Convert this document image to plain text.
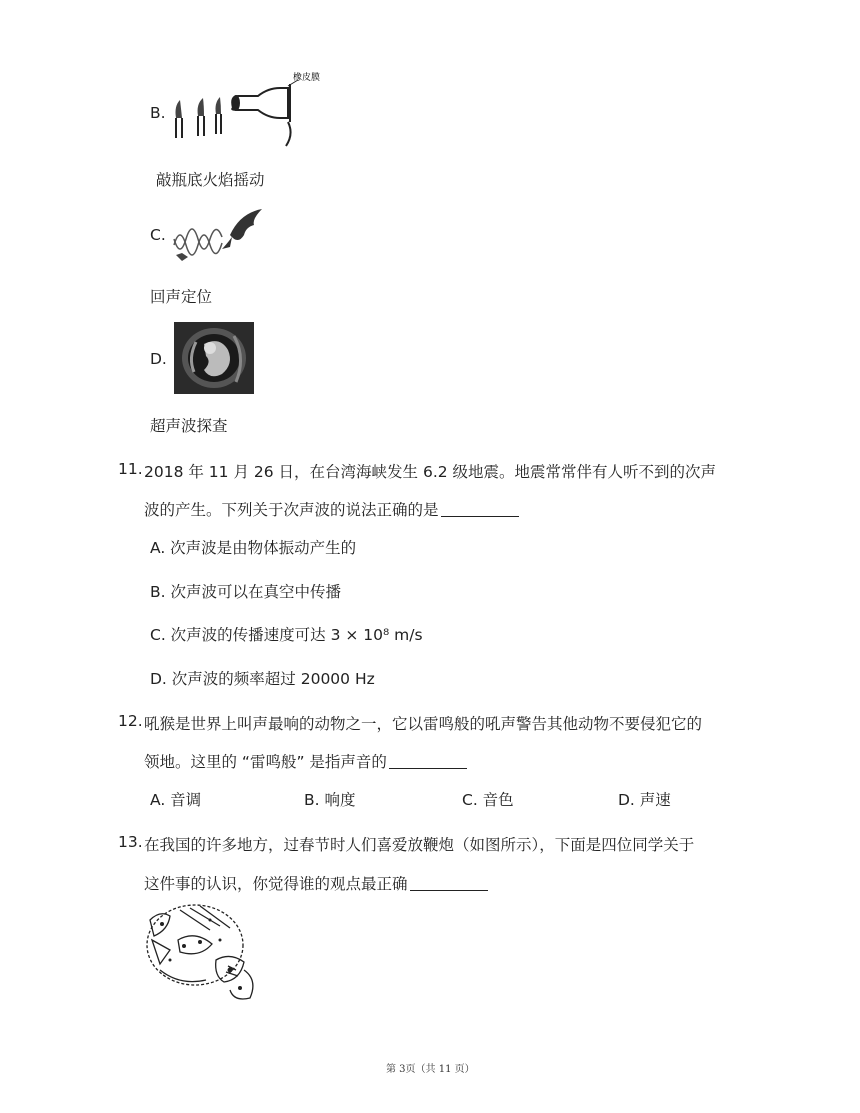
B.
橡皮膜
敲瓶底火焰摇动
C.
回声定位
D.
超声波探查
11. 2018 年 11 月 26 日，在台湾海峡发生 6.2 级地震。地震常常伴有人听不到的次声
波的产生。下列关于次声波的说法正确的是
A. 次声波是由物体振动产生的
B. 次声波可以在真空中传播
C. 次声波的传播速度可达 3 × 10⁸ m/s
D. 次声波的频率超过 20000 Hz
12. 吼猴是世界上叫声最响的动物之一，它以雷鸣般的吼声警告其他动物不要侵犯它的
领地。这里的 “雷鸣般” 是指声音的
A. 音调	B. 响度	C. 音色	D. 声速
13. 在我国的许多地方，过春节时人们喜爱放鞭炮（如图所示），下面是四位同学关于
这件事的认识，你觉得谁的观点最正确
第 3页（共 11 页）
